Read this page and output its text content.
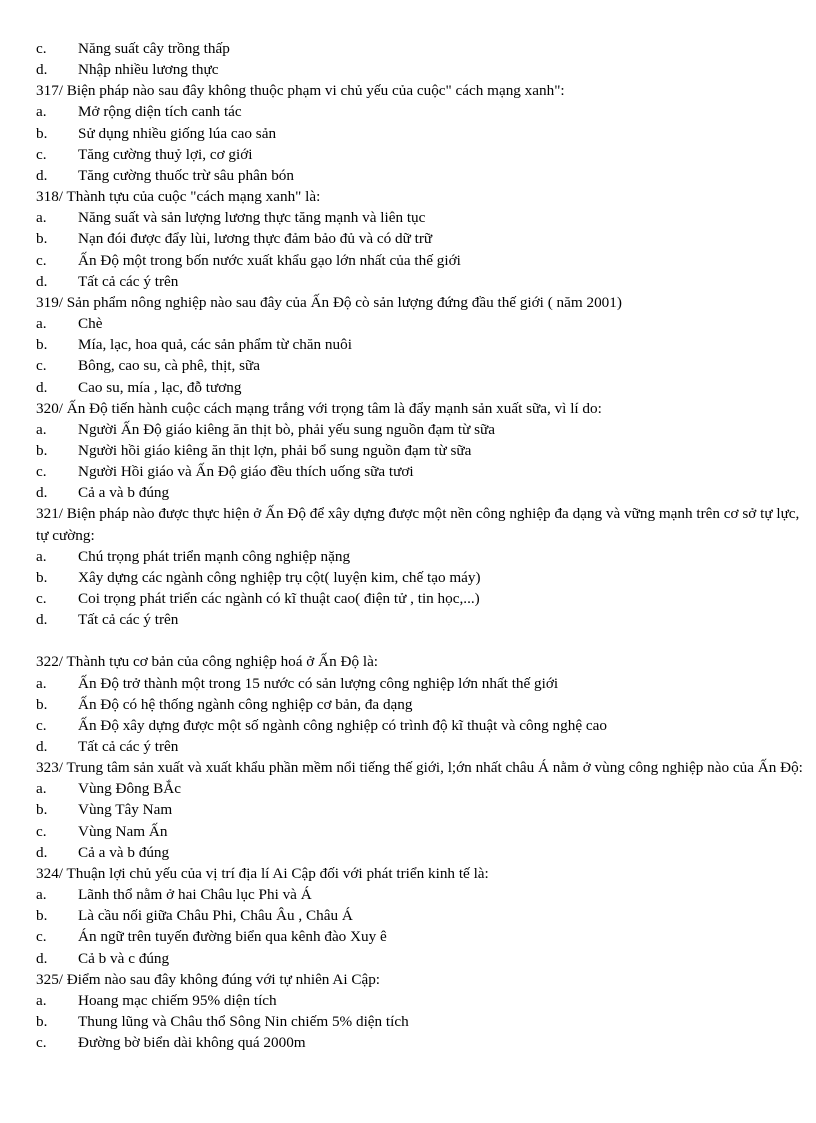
c.	Năng suất cây trồng thấp
d.	Nhập nhiều lương thực
317/ Biện pháp nào sau đây không thuộc phạm vi chủ yếu của cuộc" cách mạng xanh":
a.	Mở rộng diện tích canh tác
b.	Sử dụng nhiều giống lúa cao sản
c.	Tăng cường thuỷ lợi, cơ giới
d.	Tăng cường thuốc trừ sâu phân bón
318/ Thành tựu của cuộc "cách mạng xanh" là:
a.	Năng suất và sản lượng lương thực tăng mạnh và liên tục
b.	Nạn đói được đẩy lùi, lương thực đảm bảo đủ và có dữ trữ
c.	Ấn Độ một trong bốn nước xuất khẩu gạo lớn nhất của thế giới
d.	Tất cả các ý trên
319/ Sản phẩm nông nghiệp nào sau đây của Ấn Độ cò sản lượng đứng đầu thế giới ( năm 2001)
a.	Chè
b.	Mía, lạc, hoa quả, các sản phẩm từ chăn nuôi
c.	Bông, cao su, cà phê, thịt, sữa
d.	Cao su, mía , lạc, đỗ tương
320/ Ấn Độ tiến hành cuộc cách mạng trắng với trọng tâm là đẩy mạnh sản xuất sữa, vì lí do:
a.	Người Ấn Độ giáo kiêng ăn thịt bò, phải yếu sung nguồn đạm từ sữa
b.	Người hồi giáo kiêng ăn thịt lợn, phải bổ sung nguồn đạm từ sữa
c.	Người Hồi giáo và Ấn Độ giáo đều thích uống sữa tươi
d.	Cả a và b đúng
321/ Biện pháp nào được thực hiện ở Ấn Độ để xây dựng được một nền công nghiệp đa dạng và vững mạnh trên cơ sở tự lực, tự cường:
a.	Chú trọng phát triển mạnh công nghiệp nặng
b.	Xây dựng các ngành công nghiệp trụ cột( luyện kim, chế tạo máy)
c.	Coi trọng phát triển các ngành có kĩ thuật cao( điện tử , tin học,...)
d.	Tất cả các ý trên
322/ Thành tựu cơ bản của công nghiệp hoá ở Ấn Độ là:
a.	Ấn Độ trở thành một trong 15 nước có sản lượng công nghiệp lớn nhất thế giới
b.	Ấn Độ có hệ thống ngành công nghiệp cơ bản, đa dạng
c.	Ấn Độ xây dựng được một số ngành công nghiệp có trình độ kĩ thuật và công nghệ cao
d.	Tất cả các ý trên
323/ Trung tâm sản xuất và xuất khẩu phần mềm nổi tiếng thế giới, l;ớn nhất châu Á nằm ở vùng công nghiệp nào của Ấn Độ:
a.	Vùng Đông BẮc
b.	Vùng Tây Nam
c.	Vùng Nam Ấn
d.	Cả a và b đúng
324/ Thuận lợi chủ yếu của vị trí địa lí Ai Cập đối với phát triển kinh tế là:
a.	Lãnh thổ nằm ở hai Châu lục Phi và Á
b.	Là cầu nối giữa Châu Phi, Châu Âu , Châu Á
c.	Án ngữ trên tuyến đường biển qua kênh đào Xuy ê
d.	Cả b và c đúng
325/ Điểm nào sau đây không đúng với tự nhiên Ai Cập:
a.	Hoang mạc chiếm 95% diện tích
b.	Thung lũng và Châu thổ Sông Nin chiếm 5% diện tích
c.	Đường bờ biển dài không quá 2000m
